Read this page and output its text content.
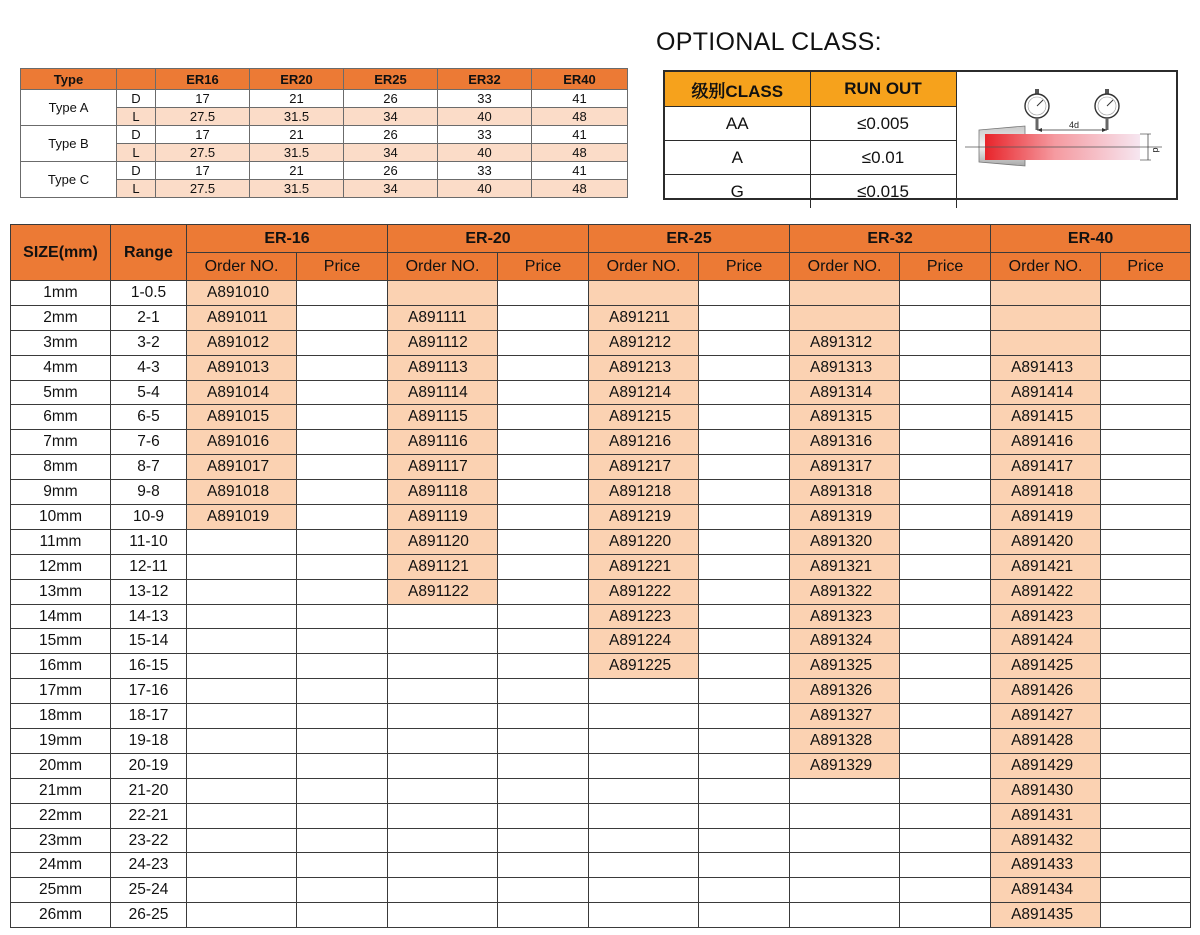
Type		ER16	ER20	ER25	ER32	ER40
Type A	D	17	21	26	33	41
	L	27.5	31.5	34	40	48
Type B	D	17	21	26	33	41
	L	27.5	31.5	34	40	48
Type C	D	17	21	26	33	41
	L	27.5	31.5	34	40	48
OPTIONAL CLASS:
级别CLASS	RUN OUT
AA	≤0.005
A	≤0.01
G	≤0.015
4d
d
SIZE(mm)	Range	ER-16		ER-20		ER-25		ER-32		ER-40	
		Order NO.	Price	Order NO.	Price	Order NO.	Price	Order NO.	Price	Order NO.	Price
1mm	1-0.5	A891010									
2mm	2-1	A891011		A891111		A891211					
3mm	3-2	A891012		A891112		A891212		A891312			
4mm	4-3	A891013		A891113		A891213		A891313		A891413	
5mm	5-4	A891014		A891114		A891214		A891314		A891414	
6mm	6-5	A891015		A891115		A891215		A891315		A891415	
7mm	7-6	A891016		A891116		A891216		A891316		A891416	
8mm	8-7	A891017		A891117		A891217		A891317		A891417	
9mm	9-8	A891018		A891118		A891218		A891318		A891418	
10mm	10-9	A891019		A891119		A891219		A891319		A891419	
11mm	11-10			A891120		A891220		A891320		A891420	
12mm	12-11			A891121		A891221		A891321		A891421	
13mm	13-12			A891122		A891222		A891322		A891422	
14mm	14-13					A891223		A891323		A891423	
15mm	15-14					A891224		A891324		A891424	
16mm	16-15					A891225		A891325		A891425	
17mm	17-16							A891326		A891426	
18mm	18-17							A891327		A891427	
19mm	19-18							A891328		A891428	
20mm	20-19							A891329		A891429	
21mm	21-20									A891430	
22mm	22-21									A891431	
23mm	23-22									A891432	
24mm	24-23									A891433	
25mm	25-24									A891434	
26mm	26-25									A891435	
